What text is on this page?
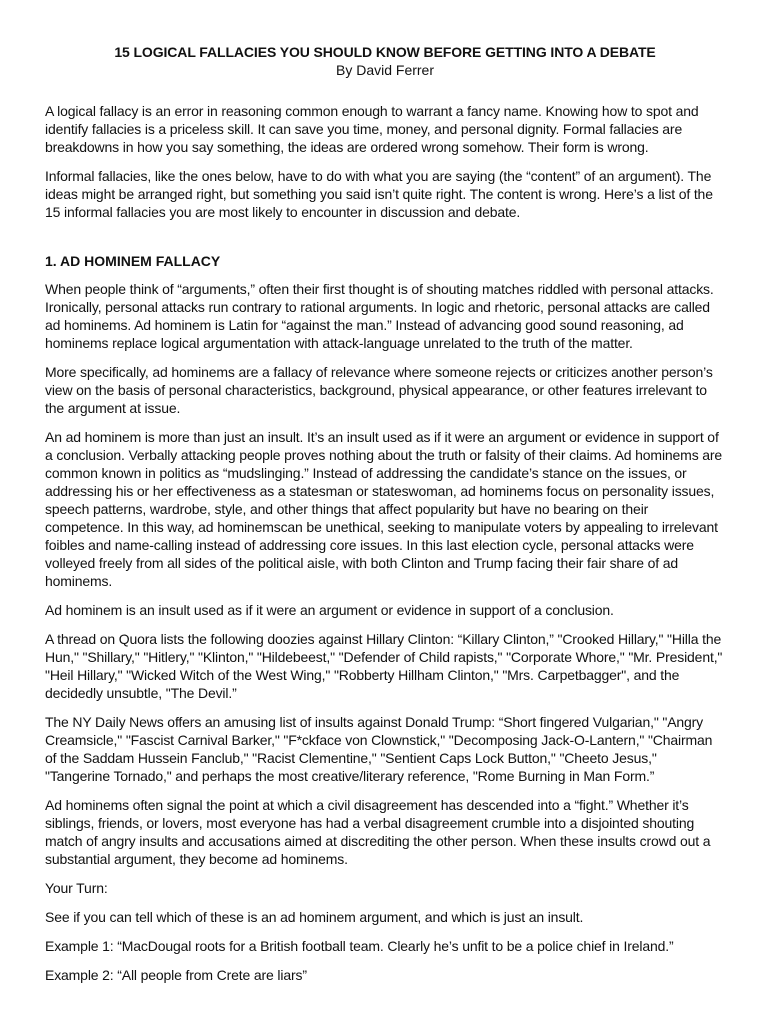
15 LOGICAL FALLACIES YOU SHOULD KNOW BEFORE GETTING INTO A DEBATE
By David Ferrer

A logical fallacy is an error in reasoning common enough to warrant a fancy name. Knowing how to spot and identify fallacies is a priceless skill. It can save you time, money, and personal dignity. Formal fallacies are breakdowns in how you say something, the ideas are ordered wrong somehow. Their form is wrong.

Informal fallacies, like the ones below, have to do with what you are saying (the “content” of an argument). The ideas might be arranged right, but something you said isn’t quite right. The content is wrong. Here’s a list of the 15 informal fallacies you are most likely to encounter in discussion and debate.

1. AD HOMINEM FALLACY

When people think of “arguments,” often their first thought is of shouting matches riddled with personal attacks. Ironically, personal attacks run contrary to rational arguments. In logic and rhetoric, personal attacks are called ad hominems. Ad hominem is Latin for “against the man.” Instead of advancing good sound reasoning, ad hominems replace logical argumentation with attack-language unrelated to the truth of the matter.

More specifically, ad hominems are a fallacy of relevance where someone rejects or criticizes another person’s view on the basis of personal characteristics, background, physical appearance, or other features irrelevant to the argument at issue.

An ad hominem is more than just an insult. It’s an insult used as if it were an argument or evidence in support of a conclusion. Verbally attacking people proves nothing about the truth or falsity of their claims. Ad hominems are common known in politics as “mudslinging.” Instead of addressing the candidate’s stance on the issues, or addressing his or her effectiveness as a statesman or stateswoman, ad hominems focus on personality issues, speech patterns, wardrobe, style, and other things that affect popularity but have no bearing on their competence. In this way, ad hominemscan be unethical, seeking to manipulate voters by appealing to irrelevant foibles and name-calling instead of addressing core issues. In this last election cycle, personal attacks were volleyed freely from all sides of the political aisle, with both Clinton and Trump facing their fair share of ad hominems.

Ad hominem is an insult used as if it were an argument or evidence in support of a conclusion.

A thread on Quora lists the following doozies against Hillary Clinton: “Killary Clinton,” "Crooked Hillary," "Hilla the Hun," "Shillary," "Hitlery," "Klinton," "Hildebeest," "Defender of Child rapists," "Corporate Whore," "Mr. President," "Heil Hillary," "Wicked Witch of the West Wing," "Robberty Hillham Clinton," "Mrs. Carpetbagger", and the decidedly unsubtle, "The Devil.”

The NY Daily News offers an amusing list of insults against Donald Trump: “Short fingered Vulgarian," "Angry Creamsicle," "Fascist Carnival Barker," "F*ckface von Clownstick," "Decomposing Jack-O-Lantern," "Chairman of the Saddam Hussein Fanclub," "Racist Clementine," "Sentient Caps Lock Button," "Cheeto Jesus," "Tangerine Tornado," and perhaps the most creative/literary reference, "Rome Burning in Man Form.”

Ad hominems often signal the point at which a civil disagreement has descended into a “fight.” Whether it’s siblings, friends, or lovers, most everyone has had a verbal disagreement crumble into a disjointed shouting match of angry insults and accusations aimed at discrediting the other person. When these insults crowd out a substantial argument, they become ad hominems.

Your Turn:

See if you can tell which of these is an ad hominem argument, and which is just an insult.

Example 1: “MacDougal roots for a British football team. Clearly he’s unfit to be a police chief in Ireland.”

Example 2: “All people from Crete are liars”
